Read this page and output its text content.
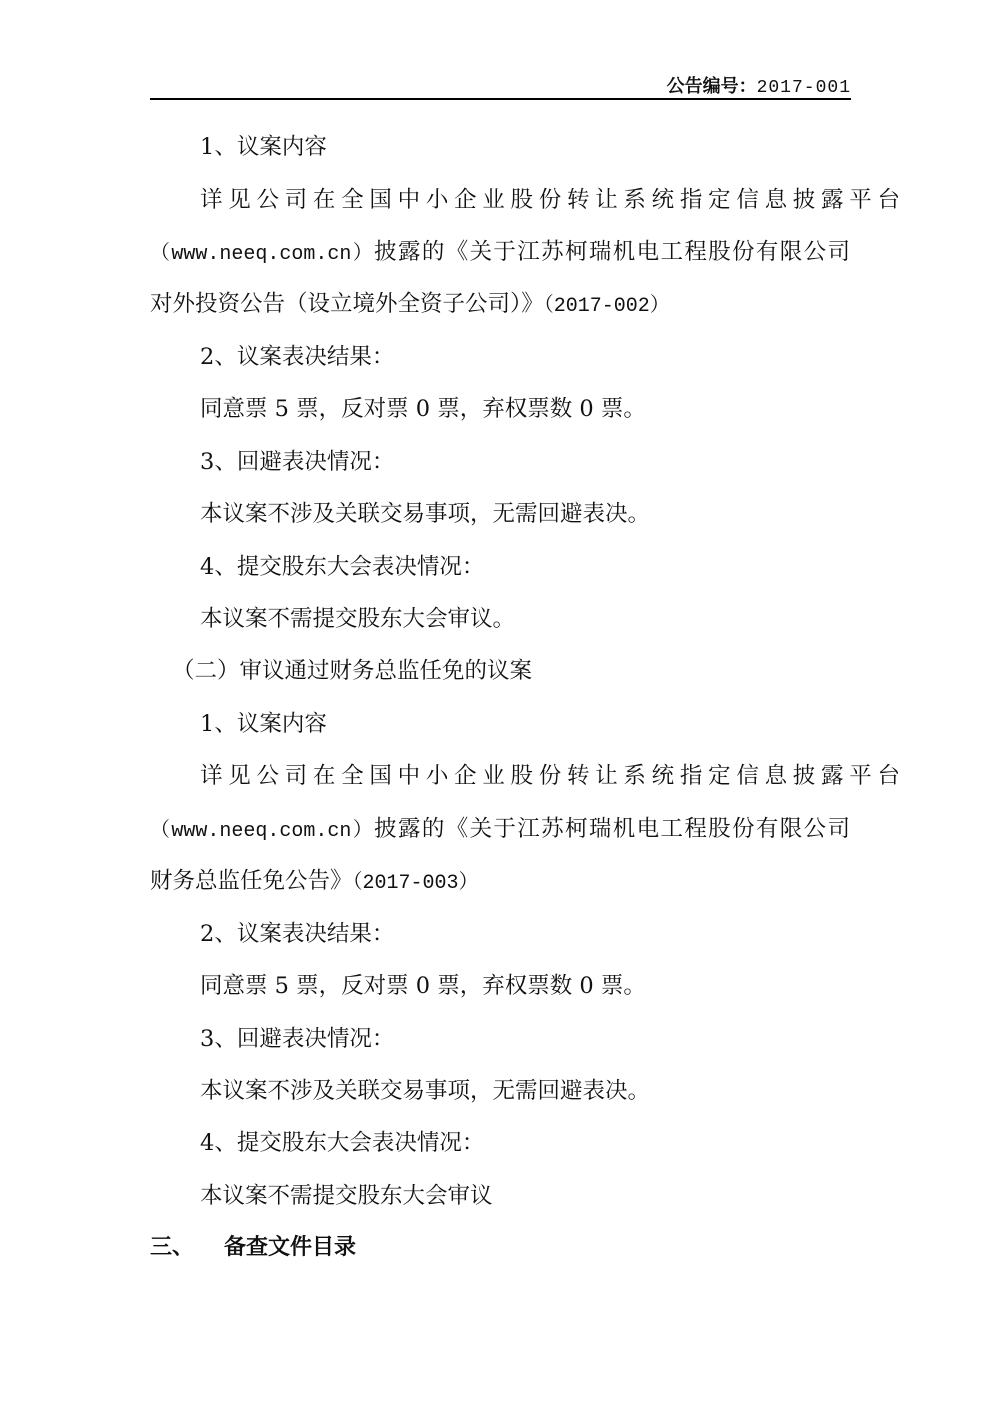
公告编号：2017-001
1、议案内容
详见公司在全国中小企业股份转让系统指定信息披露平台
（www.neeq.com.cn）披露的《关于江苏柯瑞机电工程股份有限公司
对外投资公告（设立境外全资子公司）》（2017-002）
2、议案表决结果：
同意票 5 票，反对票 0 票，弃权票数 0 票。
3、回避表决情况：
本议案不涉及关联交易事项，无需回避表决。
4、提交股东大会表决情况：
本议案不需提交股东大会审议。
（二）审议通过财务总监任免的议案
1、议案内容
详见公司在全国中小企业股份转让系统指定信息披露平台
（www.neeq.com.cn）披露的《关于江苏柯瑞机电工程股份有限公司
财务总监任免公告》（2017-003）
2、议案表决结果：
同意票 5 票，反对票 0 票，弃权票数 0 票。
3、回避表决情况：
本议案不涉及关联交易事项，无需回避表决。
4、提交股东大会表决情况：
本议案不需提交股东大会审议
三、 备查文件目录
